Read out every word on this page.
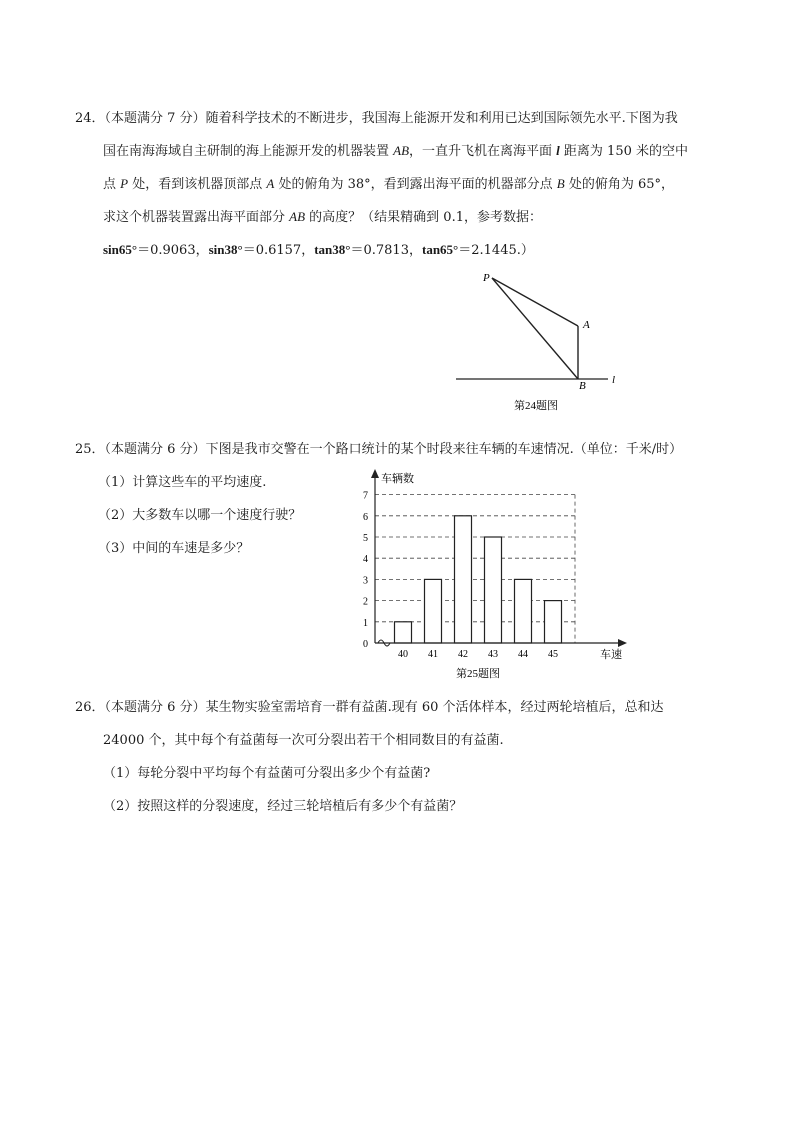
24．（本题满分 7 分）随着科学技术的不断进步，我国海上能源开发和利用已达到国际领先水平.下图为我
国在南海海域自主研制的海上能源开发的机器装置 AB，一直升飞机在离海平面 l 距离为 150 米的空中
点 P 处，看到该机器顶部点 A 处的俯角为 38°，看到露出海平面的机器部分点 B 处的俯角为 65°，
求这个机器装置露出海平面部分 AB 的高度？（结果精确到 0.1，参考数据：
sin65°＝0.9063，sin38°＝0.6157，tan38°＝0.7813，tan65°＝2.1445.）
P
A
B l
第24题图
25．（本题满分 6 分）下图是我市交警在一个路口统计的某个时段来往车辆的车速情况.（单位：千米/时）
（1）计算这些车的平均速度.
（2）大多数车以哪一个速度行驶？
（3）中间的车速是多少？
0
1
2
3
4
5
6
7
40 41 42 43 44 45
车辆数
车速
第25题图
26．（本题满分 6 分）某生物实验室需培育一群有益菌.现有 60 个活体样本，经过两轮培植后，总和达
24000 个，其中每个有益菌每一次可分裂出若干个相同数目的有益菌.
（1）每轮分裂中平均每个有益菌可分裂出多少个有益菌?
（2）按照这样的分裂速度，经过三轮培植后有多少个有益菌？
